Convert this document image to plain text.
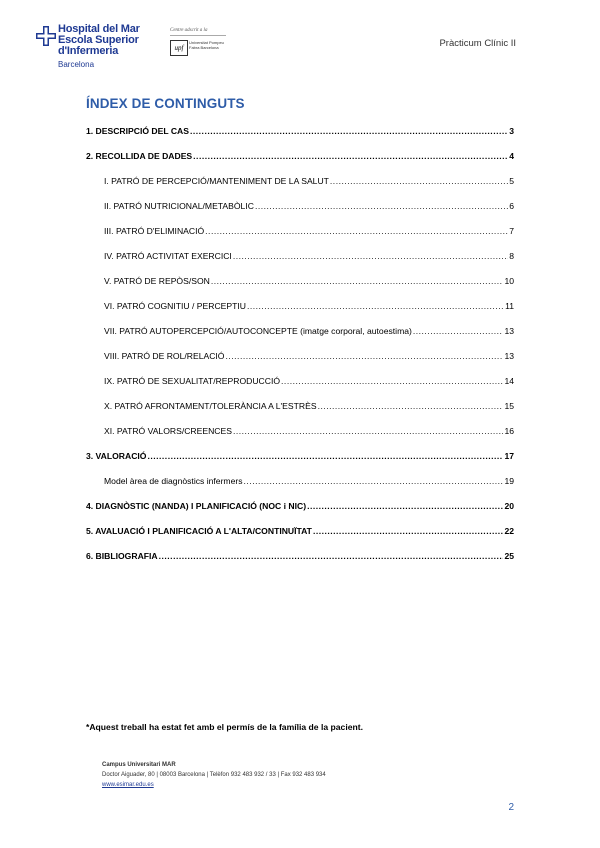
Hospital del Mar
Escola Superior
d'Infermeria
Barcelona
Centre adscrit a la
upf
Universitat Pompeu Fabra Barcelona	Pràcticum Clínic II
ÍNDEX DE CONTINGUTS
1. DESCRIPCIÓ DEL CAS .....	3
2. RECOLLIDA DE DADES .....	4
I. PATRÓ DE PERCEPCIÓ/MANTENIMENT DE LA SALUT .....	5
II. PATRÓ NUTRICIONAL/METABÒLIC .....	6
III. PATRÓ D'ELIMINACIÓ .....	7
IV. PATRÓ ACTIVITAT EXERCICI .....	8
V. PATRÓ DE REPÒS/SON .....	10
VI. PATRÓ COGNITIU / PERCEPTIU .....	11
VII. PATRÓ AUTOPERCEPCIÓ/AUTOCONCEPTE (imatge corporal, autoestima) .....	13
VIII. PATRÓ DE ROL/RELACIÓ .....	13
IX. PATRÓ DE SEXUALITAT/REPRODUCCIÓ .....	14
X. PATRÓ AFRONTAMENT/TOLERÀNCIA A L'ESTRÈS .....	15
XI. PATRÓ VALORS/CREENCES .....	16
3. VALORACIÓ .....	17
Model àrea de diagnòstics infermers .....	19
4. DIAGNÒSTIC (NANDA) I PLANIFICACIÓ (NOC i NIC) .....	20
5. AVALUACIÓ I PLANIFICACIÓ A L'ALTA/CONTINUÏTAT .....	22
6. BIBLIOGRAFIA .....	25
*Aquest treball ha estat fet amb el permís de la família de la pacient.
Campus Universitari MAR
Doctor Aiguader, 80 | 08003 Barcelona | Telèfon 932 483 932 / 33 | Fax 932 483 934
www.esimar.edu.es
2
